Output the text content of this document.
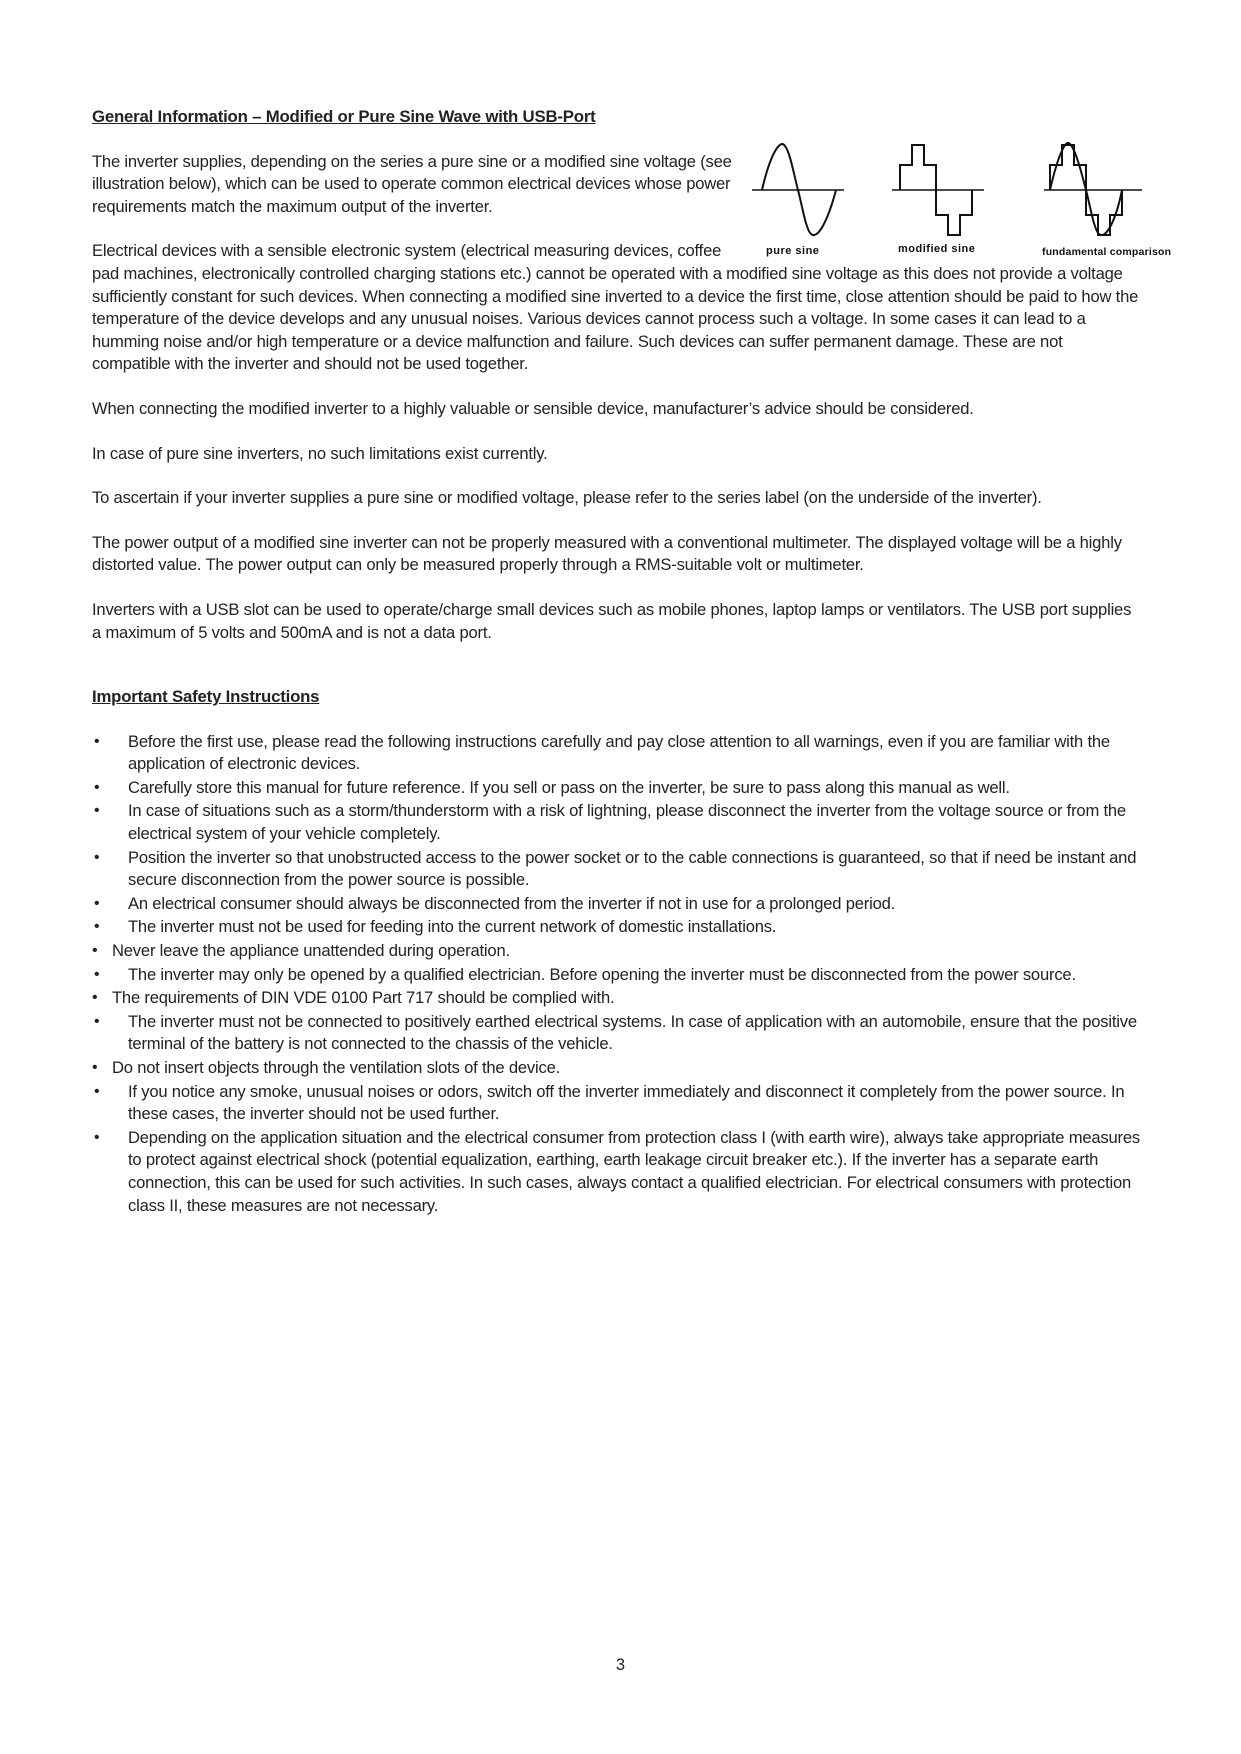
General Information – Modified or Pure Sine Wave with USB-Port

The inverter supplies, depending on the series a pure sine or a modified sine voltage (see illustration below), which can be used to operate common electrical devices whose power requirements match the maximum output of the inverter.

Electrical devices with a sensible electronic system (electrical measuring devices, coffee
pad machines, electronically controlled charging stations etc.) cannot be operated with a modified sine voltage as this does not provide a voltage sufficiently constant for such devices. When connecting a modified sine inverted to a device the first time, close attention should be paid to how the temperature of the device develops and any unusual noises. Various devices cannot process such a voltage. In some cases it can lead to a humming noise and/or high temperature or a device malfunction and failure. Such devices can suffer permanent damage. These are not compatible with the inverter and should not be used together.

When connecting the modified inverter to a highly valuable or sensible device, manufacturer’s advice should be considered.

In case of pure sine inverters, no such limitations exist currently.

To ascertain if your inverter supplies a pure sine or modified voltage, please refer to the series label (on the underside of the inverter).

The power output of a modified sine inverter can not be properly measured with a conventional multimeter. The displayed voltage will be a highly distorted value. The power output can only be measured properly through a RMS-suitable volt or multimeter.

Inverters with a USB slot can be used to operate/charge small devices such as mobile phones, laptop lamps or ventilators. The USB port supplies a maximum of 5 volts and 500mA and is not a data port.

Important Safety Instructions
• Before the first use, please read the following instructions carefully and pay close attention to all warnings, even if you are familiar with the application of electronic devices.
• Carefully store this manual for future reference. If you sell or pass on the inverter, be sure to pass along this manual as well.
• In case of situations such as a storm/thunderstorm with a risk of lightning, please disconnect the inverter from the voltage source or from the electrical system of your vehicle completely.
• Position the inverter so that unobstructed access to the power socket or to the cable connections is guaranteed, so that if need be instant and secure disconnection from the power source is possible.
• An electrical consumer should always be disconnected from the inverter if not in use for a prolonged period.
• The inverter must not be used for feeding into the current network of domestic installations.
• Never leave the appliance unattended during operation.
• The inverter may only be opened by a qualified electrician. Before opening the inverter must be disconnected from the power source.
• The requirements of DIN VDE 0100 Part 717 should be complied with.
• The inverter must not be connected to positively earthed electrical systems. In case of application with an automobile, ensure that the positive terminal of the battery is not connected to the chassis of the vehicle.
• Do not insert objects through the ventilation slots of the device.
• If you notice any smoke, unusual noises or odors, switch off the inverter immediately and disconnect it completely from the power source. In these cases, the inverter should not be used further.
• Depending on the application situation and the electrical consumer from protection class I (with earth wire), always take appropriate measures to protect against electrical shock (potential equalization, earthing, earth leakage circuit breaker etc.). If the inverter has a separate earth connection, this can be used for such activities. In such cases, always contact a qualified electrician. For electrical consumers with protection class II, these measures are not necessary.
pure sine	modified sine	fundamental comparison
3
